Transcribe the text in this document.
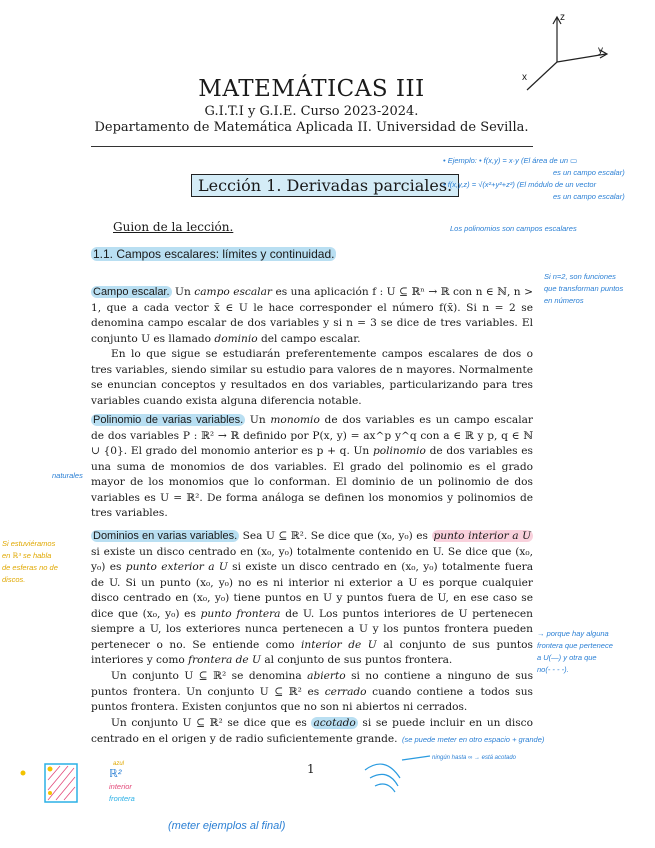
z
y
x
MATEMÁTICAS III
G.I.T.I y G.I.E. Curso 2023-2024.
Departamento de Matemática Aplicada II. Universidad de Sevilla.
Lección 1. Derivadas parciales.
Guion de la lección.
1.1. Campos escalares: límites y continuidad.
Campo escalar. Un campo escalar es una aplicación f : U ⊆ ℝⁿ → ℝ con n ∈ ℕ, n > 1, que a cada vector x̄ ∈ U le hace corresponder el número f(x̄). Si n = 2 se denomina campo escalar de dos variables y si n = 3 se dice de tres variables. El conjunto U es llamado dominio del campo escalar.
En lo que sigue se estudiarán preferentemente campos escalares de dos o tres variables, siendo similar su estudio para valores de n mayores. Normalmente se enuncian conceptos y resultados en dos variables, particularizando para tres variables cuando exista alguna diferencia notable.
Polinomio de varias variables. Un monomio de dos variables es un campo escalar de dos variables P : ℝ² → ℝ definido por P(x, y) = ax^p y^q con a ∈ ℝ y p, q ∈ ℕ ∪ {0}. El grado del monomio anterior es p + q. Un polinomio de dos variables es una suma de monomios de dos variables. El grado del polinomio es el grado mayor de los monomios que lo conforman. El dominio de un polinomio de dos variables es U = ℝ². De forma análoga se definen los monomios y polinomios de tres variables.
Dominios en varias variables. Sea U ⊆ ℝ². Se dice que (x₀, y₀) es punto interior a U si existe un disco centrado en (x₀, y₀) totalmente contenido en U. Se dice que (x₀, y₀) es punto exterior a U si existe un disco centrado en (x₀, y₀) totalmente fuera de U. Si un punto (x₀, y₀) no es ni interior ni exterior a U es porque cualquier disco centrado en (x₀, y₀) tiene puntos en U y puntos fuera de U, en ese caso se dice que (x₀, y₀) es punto frontera de U. Los puntos interiores de U pertenecen siempre a U, los exteriores nunca pertenecen a U y los puntos frontera pueden pertenecer o no. Se entiende como interior de U al conjunto de sus puntos interiores y como frontera de U al conjunto de sus puntos frontera.
Un conjunto U ⊆ ℝ² se denomina abierto si no contiene a ninguno de sus puntos frontera. Un conjunto U ⊆ ℝ² es cerrado cuando contiene a todos sus puntos frontera. Existen conjuntos que no son ni abiertos ni cerrados.
Un conjunto U ⊆ ℝ² se dice que es acotado si se puede incluir en un disco centrado en el origen y de radio suficientemente grande.
1
• Ejemplo: • f(x,y) = x·y (El área de un ▭
es un campo escalar)
• f(x,y,z) = √(x²+y²+z²) (El módulo de un vector
es un campo escalar)
Los polinomios son campos escalares
Si n=2, son funciones
que transforman puntos
en números
naturales
Si estuviéramos
en ℝ³ se habla
de esferas no de
discos.
→ porque hay alguna
frontera que pertenece
a U(—) y otra que
no(- - - -).
(se puede meter en otro espacio + grande)
ningún hasta ∞ → está acotado
azul
ℝ²
interior
frontera
(meter ejemplos al final)
